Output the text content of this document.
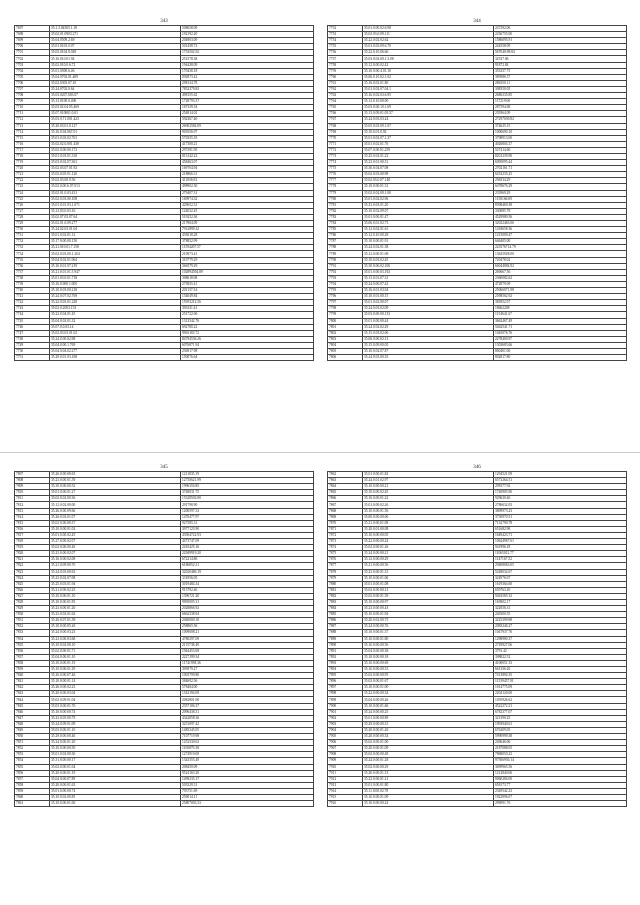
343
7697	35.1.3.04505.1.18	508658.09
7698	35.02.01.0903.271	192192.20
7699	35.04.0509.2.69	204903.09
7700	35.01.0103.0.07	501458.72
7701	35.03.0104.9.049	1754502.92
7702	35.16.010.01.94	251578.38
7703	35.02.010.0.6.72	194428.09
7704	35.01.0500.6.46	170438.18
7705	35.04.0702.01.409	092873.42
7706	35.02.0303.07.10	298134.78
7707	35.24.0702.0.64	7852379.82
7708	35.03.0207.603.07	498155.62
7709	35.13.0100.0.406	1728793.37
7710	35.03.02.04.05.469	167339.54
7711	35.07.010001.0.01	254814.02
7712	35.03.0.71.001.423	592367.40
7713	35.20.03.01.0.127	26902584.09
7714	35.16.0.04.067.01	903556.97
7715	35.01.0.03.02.761	570355.35
7716	35.02.02.0.001.438	417300.21
7717	35.02.0.00.00.172	297391.95
7718	35.01.0.03.01.310	813142.22
7719	35.03.0.02.07.361	458463.07
7720	35.02.03.07.01.92	169704.94
7721	35.02.0.05.01.120	218866.31
7722	35.02.03.00.9.56	411836.92
7723	35.02.0.00.6.07.013	498902.30
7724	35.02.01.0.03.431	279407.31
7725	35.02.0.03.00.108	169974.32
7726	35.01.0.01.03.1.071	429652.31
7727	35.12.03.0.03.16	124032.45
7728	35.02.07.03.07.64	519252.36
7729	35.02.01.0.09.277	217804.09
7730	35.24.02.03.01.04	7912899.32
7731	35.01.0.02.01.12	433018.28
7732	35.17.0.00.00.150	378852.99
7733	35.21.010.01.7.158	11594207.57
7734	35.02.0.03.00.1.204	210973.41
7735	35.04.0.02.01.064	319779.29
7736	35.16.0.01.07.219	366579.29
7737	35.21.0.01.01.5.947	102894594.89
7738	35.01.03.0.01.718	308618.08
7739	35.16.0.000.1.005	273835.41
7740	35.10.0.03.00.218	201137.54
7741	35.24.0.07.02.769	154049.84
7742	35.22.0.03.01.228	15955212.56
7743	35.02.0.2003.153	393331.41
7744	35.22.0.04.01.45	251722.06
7745	35.04.0.02.01.32	1312542.76
7746	35.07.0.0.03.14	692780.22
7747	35.02.03.03.01.02	9963183.72
7748	35.24.0.00.02.98	84794536.26
7749	35.04.0.00.1.769	6076871.94
7750	35.04.0.04.02.277	236917.98
7751	35.29.0.01.03.168	150076.64
344
7752	35.01.0.00.02.6.98	247292.06
7753	35.02.03.0.09.111	2236755.00
7754	35.22.0.02.02.62	1586095.91
7755	35.01.0.03.09.6.70	244558.09
7756	35.22.0.10.06.66	567040.98.84
7757	35.03.0.02.00.1.5.08	32537.06
7758	35.12.0.00.02.42	91872.84
7759	35.10.0.00.4.01.10	353337.75
7760	35.06.0.10.02.1.02	385986.37
7761	35.16.0.02.01.80	286350.11
7762	35.01.0.02.07.04.1	308350.05
7763	35.16.0.02.03.6.95	2686335.85
7764	35.12.0.10.00.00	117219.06
7765	35.03.0.00.10.1.69	287594.68
7766	35.13.0.09.01.05.57	239364.09
7767	35.24.0.03.03.24	27297039.82
7768	35.05.0.03.09.1.07	374625.15
7769	35.10.0.01.0.92	1000690.10
7770	35.01.0.02.07.1.37	3708913.00
7771	35.01.0.02.01.76	4026804.37
7772	35.07.0.00.01.259	527414.60
7773	35.25.0.02.01.22	8201239.90
7774	35.23.0.01.00.51	6095095.44
7775	35.30.0.04.07.08	2702161.71
7776	35.02.0.03.00.98	6233235.25
7777	35.02.03.0.07.148	256534.29
7778	35.10.0.00.01.31	6478676.29
7779	35.02.0.02.09.1.00	233969.29
7780	35.01.0.02.02.96	1150166.09
7781	35.23.0.03.01.20	8598469.38
7782	35.10.0.02.09.07	330085.78
7783	35.01.0.00.01.47	4529980.56
7784	35.06.0.01.02.73	32022463.06
7785	35.12.0.02.01.61	1418658.36
7786	35.12.0.10.00.28	1215009.47
7787	35.10.0.00.01.91	646405.00
7788	35.24.0.02.01.38	223576714.79
7789	35.12.0.00.01.08	13625928.00
7790	35.10.0.03.02.45	720478.02
7791	35.30.0.06.02.106	66044084.92
7792	35.01.0.00.03.192	269667.56
7793	35.13.0.01.07.31	2360082.62
7794	35.24.0.00.07.42	472879.09
7795	35.16.0.01.03.04	25066071.98
7796	35.10.0.01.00.15	2598562.92
7797	35.01.0.02.00.07	383952.07
7798	35.24.0.03.02.09	18662208
7799	35.03.0.00.00.133	1154641.67
7800	35.01.0.00.00.44	3662467.49
7801	35.24.0.02.02.29	5462541.71
7802	35.15.0.03.02.06	1045076.76
7803	35.06.0.00.02.13	2278400.97
7804	35.15.0.09.00.05	1303683.66
7805	35.10.0.02.07.87	860401.06
7806	35.24.0.03.00.35	802817.80
345
7807	35.26.0.00.08.63	1211835.19
7808	35.23.0.00.01.59	12750621.99
7809	35.10.0.00.00.52	1996350.85
7810	35.01.0.00.01.27	3748031.75
7811	35.02.0.02.00.36	15328502.80
7812	35.12.0.02.00.00	291798.90
7813	35.26.0.00.09.66	1200597.33
7814	35.26.0.02.01.07	1470477.97
7815	35.02.0.00.00.37	927585.31
7816	35.10.0.00.01.02	3977123.90
7817	35.01.0.00.02.45	43504722.93
7818	35.27.0.00.02.07	4473747.09
7819	35.02.0.00.00.46	2410425.16
7820	35.23.0.00.02.07	22949919.20
7821	35.16.0.00.02.08	672214.86
7822	35.21.0.09.00.70	6186852.31
7823	35.24.0.03.00.63	32020486.19
7824	35.23.0.02.07.08	331856.05
7825	35.25.0.03.01.94	3019484.34
7826	35.21.0.00.02.25	915792.46
7827	35.10.0.00.01.10	1396721.20
7828	35.10.0.00.01.83	9905005.31
7829	35.23.0.00.01.20	2028866.92
7830	35.23.0.02.01.62	6662338.94
7831	35.20.0.07.01.58	2040000.10
7832	35.10.0.00.05.26	258865.56
7833	35.24.0.00.03.23	1009008.21
7834	35.23.0.00.03.68	4780297.09
7835	35.10.0.02.00.10	2115738.49
7836	35.02.0.00.01.71	1944453.69
7837	35.04.0.00.01.10	2227199.34
7838	35.10.0.00.01.19	11741958.36
7839	35.10.0.00.01.29	393979.27
7840	35.16.0.00.07.46	1003799.80
7841	35.10.0.00.01.14	384692.36
7842	35.26.0.00.02.23	578404.00
7843	35.20.0.00.03.04	1542194.09
7844	35.02.0.09.01.04	2082801.08
7845	35.03.0.00.01.76	2357106.37
7846	35.10.0.00.00.74	2096438.31
7847	35.23.0.05.00.79	4342858.36
7848	35.24.0.09.01.09	3251097.42
7849	35.03.0.00.01.10	1485345.05
7850	35.29.0.00.00.46	7107719.98
7851	35.24.0.00.01.20	1252330.02
7852	35.10.0.00.00.50	1100879.38
7853	35.01.0.02.00.30	1274919.00
7854	35.31.0.00.00.17	1343355.49
7855	35.02.0.00.01.04	208450.09
7856	35.20.0.00.01.19	9524163.20
7857	35.04.0.00.07.89	1499235.17
7858	35.20.0.00.01.63	503329.31
7859	35.01.0.00.00.74	793751.69
7860	35.10.0.02.00.85	259014.11
7861	35.10.0.00.01.06	25807003.33
346
7862	35.01.0.00.01.82	1294521.09
7863	35.24.0.01.02.97	6573264.51
7864	35.10.0.00.00.21	299377.92
7865	35.10.0.00.02.45	1740905.90
7866	35.16.0.00.01.22	929630.46
7867	35.01.0.00.02.26	2786632.05
7868	35.10.0.00.01.56	3809973.23
7869	35.00.0.00.00.06	3750970.51
7870	35.21.0.00.01.08	7132790.78
7871	35.20.0.01.00.08	651682.98
7872	35.10.0.00.00.05	1649423.71
7873	35.22.0.00.00.24	10624967.61
7874	35.02.0.00.01.26	941996.18
7875	35.24.0.00.00.21	11065012.77
7876	35.12.0.00.00.29	1147167.52
7877	35.21.0.00.00.56	29408063.05
7878	35.23.0.00.01.31	5248032.67
7879	35.10.0.00.01.06	324976.07
7880	35.01.0.00.01.08	1619364.60
7881	35.02.0.00.00.13	659763.20
7882	35.02.0.00.01.39	9463585.32
7883	35.10.0.00.00.97	165802.17
7884	35.23.0.00.00.43	322056.31
7885	35.10.0.00.01.94	240300.55
7886	35.20.0.02.00.75	3225399.88
7887	35.24.0.00.00.76	2083246.27
7888	35.10.0.00.01.37	1047937.76
7889	35.10.0.00.01.80	1298980.37
7890	35.10.0.00.00.56	2729927.06
7891	35.04.0.00.00.38	3791.42
7892	35.10.0.00.00.18	398822.52
7893	35.10.0.00.00.69	4100051.33
7894	35.10.0.00.00.53	661336.20
7895	35.02.0.00.00.95	7413894.35
7896	35.02.0.00.01.67	11539457.01
7897	35.10.0.00.01.00	1014775.09
7898	35.22.0.00.00.34	2204120.00
7899	35.04.0.00.00.26	1055926.62
7900	35.10.0.00.01.66	4522272.21
7901	35.24.0.00.00.25	6782377.07
7902	35.01.0.00.00.89	321390.25
7903	35.29.0.00.00.31	1993940.61
7904	35.20.0.00.01.26	676209.05
7905	35.20.0.00.00.34	5990999.38
7906	35.02.0.00.01.00	249646.06
7907	35.20.0.00.01.09	2187088.05
7908	35.02.0.00.00.48	7868050.23
7909	35.24.0.00.01.28	97506936.14
7910	35.02.0.00.00.29	3699965.56
7911	35.20.0.00.01.13	1212840.06
7912	35.23.0.00.01.21	9060284.00
7913	35.01.0.00.01.80	658173.77
7914	35.11.0.00.02.78	2349542.23
7915	35.10.0.00.01.09	1922996.07
7916	35.10.0.00.00.24	299091.76
